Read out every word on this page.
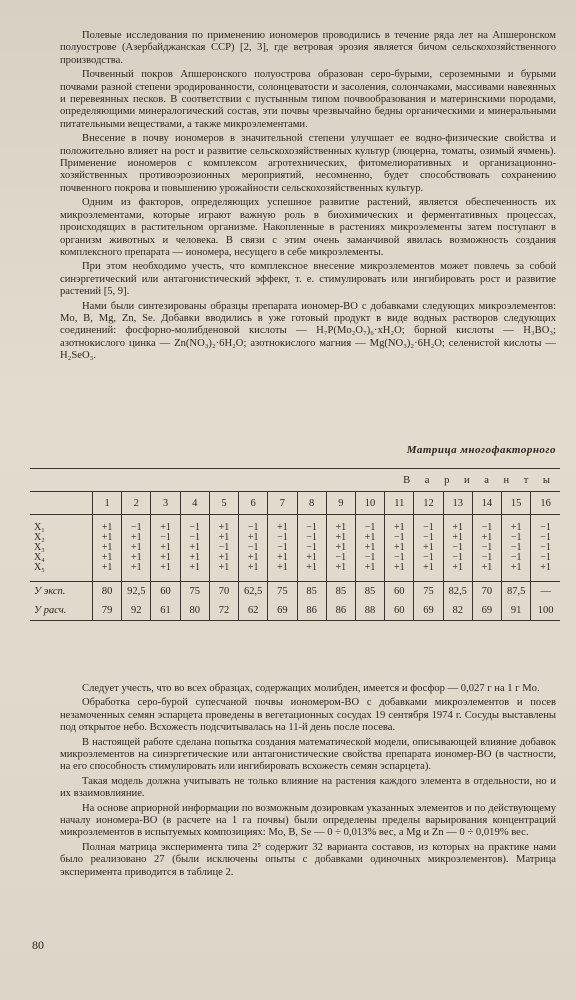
Полевые исследования по применению иономеров проводились в течение ряда лет на Апшеронском полуострове (Азербайджанская ССР) [2, 3], где ветровая эрозия является бичом сельскохозяйственного производства.

Почвенный покров Апшеронского полуострова образован серо-бурыми, сероземными и бурыми почвами разной степени эродированности, солонцеватости и засоления, солончаками, массивами навеянных и перевеянных песков. В соответствии с пустынным типом почвообразования и материнскими породами, определяющими минералогический состав, эти почвы чрезвычайно бедны органическими и минеральными питательными веществами, а также микроэлементами.

Внесение в почву иономеров в значительной степени улучшает ее водно-физические свойства и положительно влияет на рост и развитие сельскохозяйственных культур (люцерна, томаты, озимый ячмень). Применение иономеров с комплексом агротехнических, фитомелиоративных и организационно-хозяйственных противоэрозионных мероприятий, несомненно, будет способствовать сохранению почвенного покрова и повышению урожайности сельскохозяйственных культур.

Одним из факторов, определяющих успешное развитие растений, является обеспеченность их микроэлементами, которые играют важную роль в биохимических и ферментативных процессах, происходящих в растительном организме. Накопленные в растениях микроэлементы затем поступают в организм животных и человека. В связи с этим очень заманчивой явилась возможность создания комплексного препарата — иономера, несущего в себе микроэлементы.

При этом необходимо учесть, что комплексное внесение микроэлементов может повлечь за собой синэргетический или антагонистический эффект, т. е. стимулировать или ингибировать рост и развитие растений [5, 9].

Нами были синтезированы образцы препарата иономер-ВО с добавками следующих микроэлементов: Mo, B, Mg, Zn, Se. Добавки вводились в уже готовый продукт в виде водных растворов следующих соединений: фосфорно-молибденовой кислоты — H₇P(Mo₂O₇)₆·xH₂O; борной кислоты — H₃BO₃; азотнокислого цинка — Zn(NO₃)₂·6H₂O; азотнокислого магния — Mg(NO₃)₂·6H₂O; селенистой кислоты — H₂SeO₃.

Матрица многофакторного
	В а р и а н т ы															
	1	2	3	4	5	6	7	8	9	10	11	12	13	14	15	16

X₁	+1	−1	+1	−1	+1	−1	+1	−1	+1	−1	+1	−1	+1	−1	+1	−1
X₂	+1	+1	−1	−1	+1	+1	−1	−1	+1	+1	−1	−1	+1	+1	−1	−1
X₃	+1	+1	+1	+1	−1	−1	−1	−1	+1	+1	+1	+1	−1	−1	−1	−1
X₄	+1	+1	+1	+1	+1	+1	+1	+1	−1	−1	−1	−1	−1	−1	−1	−1
X₅	+1	+1	+1	+1	+1	+1	+1	+1	+1	+1	+1	+1	+1	+1	+1	+1

У эксп.	80	92,5	60	75	70	62,5	75	85	85	85	60	75	82,5	70	87,5	—
У расч.	79	92	61	80	72	62	69	86	86	88	60	69	82	69	91	100

Следует учесть, что во всех образцах, содержащих молибден, имеется и фосфор — 0,027 г на 1 г Mo.

Обработка серо-бурой супесчаной почвы иономером-ВО с добавками микроэлементов и посев незамоченных семян эспарцета проведены в вегетационных сосудах 19 сентября 1974 г. Сосуды выставлены под открытое небо. Всхожесть подсчитывалась на 11-й день после посева.

В настоящей работе сделана попытка создания математической модели, описывающей влияние добавок микроэлементов на синэргетические или антагонистические свойства препарата иономер-ВО (в частности, на его способность стимулировать или ингибировать всхожесть семян эспарцета).

Такая модель должна учитывать не только влияние на растения каждого элемента в отдельности, но и их взаимовлияние.

На основе априорной информации по возможным дозировкам указанных элементов и по действующему началу иономера-ВО (в расчете на 1 га почвы) были определены пределы варьирования концентраций микроэлементов в испытуемых композициях: Mo, B, Se — 0 ÷ 0,013% вес, а Mg и Zn — 0 ÷ 0,019% вес.

Полная матрица эксперимента типа 2⁵ содержит 32 варианта составов, из которых на практике нами было реализовано 27 (были исключены опыты с добавками одиночных микроэлементов). Матрица эксперимента приводится в таблице 2.

80
